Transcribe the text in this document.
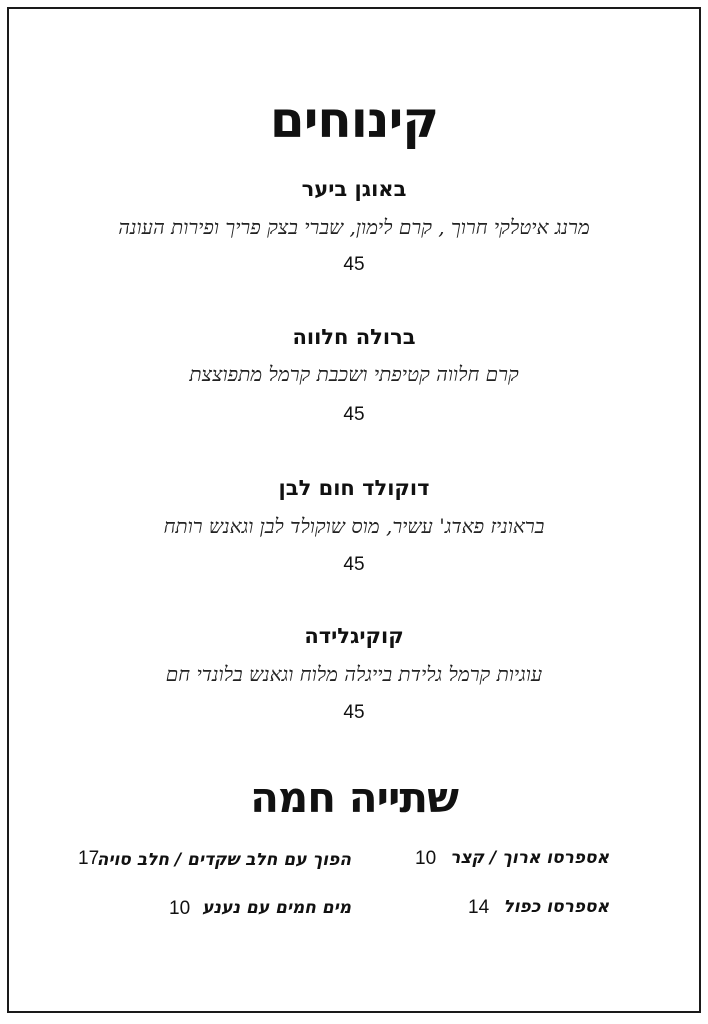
קינוחים
באוגן ביער
מרנג איטלקי חרוך , קרם לימון, שברי בצק פריך ופירות העונה
45
ברולה חלווה
קרם חלווה קטיפתי ושכבת קרמל מתפוצצת
45
דוקולד חום לבן
בראוניז פאדג' עשיר, מוס שוקולד לבן וגאנש רותח
45
קוקיגלידה
עוגיות קרמל גלידת בייגלה מלוח וגאנש בלונדי חם
45
שתייה חמה
אספרסו ארוך / קצר
10
אספרסו כפול
14
הפוך עם חלב שקדים / חלב סויה
17
מים חמים עם נענע
10
